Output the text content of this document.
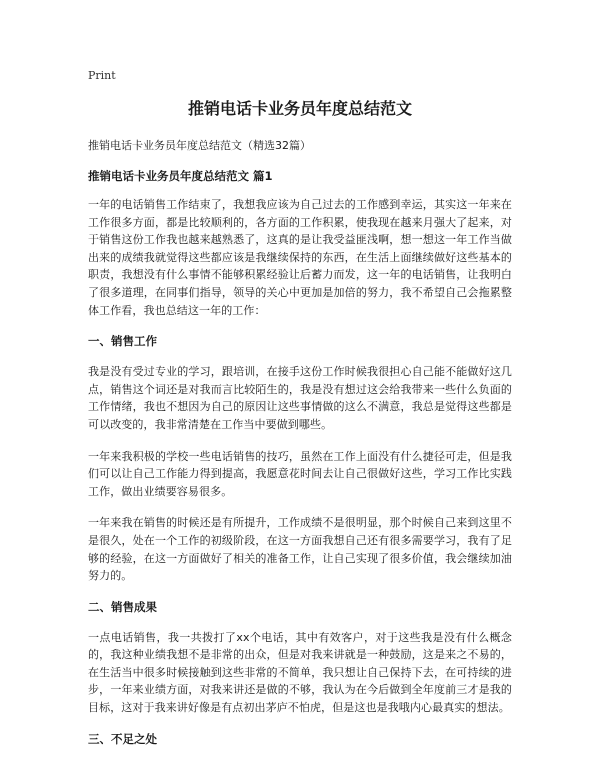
Print
推销电话卡业务员年度总结范文
推销电话卡业务员年度总结范文（精选32篇）
推销电话卡业务员年度总结范文 篇1

一年的电话销售工作结束了，我想我应该为自己过去的工作感到幸运，其实这一年来在工作很多方面，都是比较顺利的，各方面的工作积累，使我现在越来月强大了起来，对于销售这份工作我也越来越熟悉了，这真的是让我受益匪浅啊，想一想这一年工作当做出来的成绩我就觉得这些都应该是我继续保持的东西，在生活上面继续做好这些基本的职责，我想没有什么事情不能够积累经验让后蓄力而发，这一年的电话销售，让我明白了很多道理，在同事们指导，领导的关心中更加是加倍的努力，我不希望自己会拖累整体工作看，我也总结这一年的工作：

一、销售工作

我是没有受过专业的学习，跟培训，在接手这份工作时候我很担心自己能不能做好这几点，销售这个词还是对我而言比较陌生的，我是没有想过这会给我带来一些什么负面的工作情绪，我也不想因为自己的原因让这些事情做的这么不满意，我总是觉得这些都是可以改变的，我非常清楚在工作当中要做到哪些。

一年来我积极的学校一些电话销售的技巧，虽然在工作上面没有什么捷径可走，但是我们可以让自己工作能力得到提高，我愿意花时间去让自己很做好这些，学习工作比实践工作，做出业绩要容易很多。

一年来我在销售的时候还是有所提升，工作成绩不是很明显，那个时候自己来到这里不是很久，处在一个工作的初级阶段，在这一方面我想自己还有很多需要学习，我有了足够的经验，在这一方面做好了相关的准备工作，让自己实现了很多价值，我会继续加油努力的。

二、销售成果

一点电话销售，我一共拨打了xx个电话，其中有效客户，对于这些我是没有什么概念的，我这种业绩我想不是非常的出众，但是对我来讲就是一种鼓励，这是来之不易的，在生活当中很多时候接触到这些非常的不简单，我只想让自己保持下去，在可持续的进步，一年来业绩方面，对我来讲还是做的不够，我认为在今后做到全年度前三才是我的目标，这对于我来讲好像是有点初出茅庐不怕虎，但是这也是我哦内心最真实的想法。

三、不足之处
